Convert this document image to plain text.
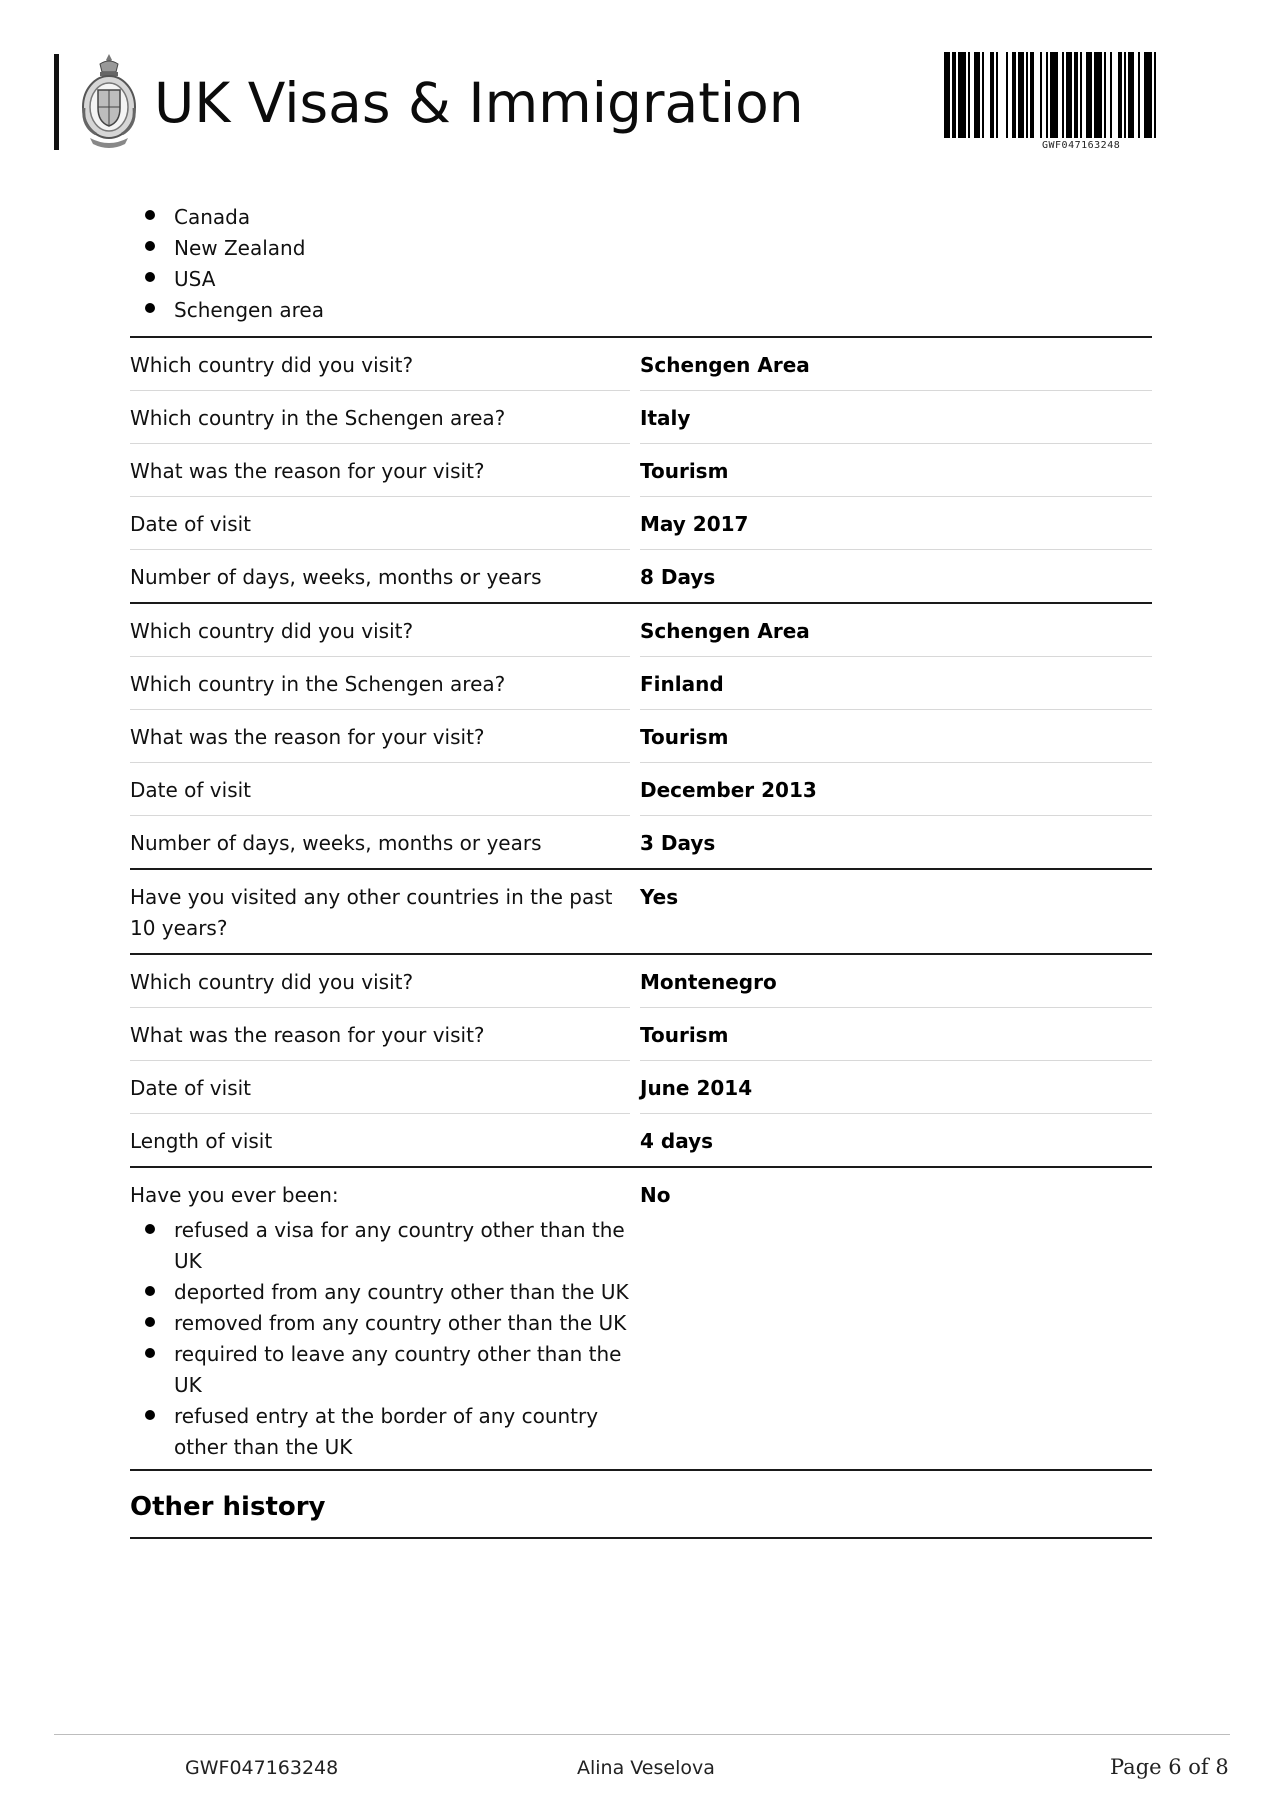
UK Visas & Immigration
GWF047163248
Canada
New Zealand
USA
Schengen area
Which country did you visit?	Schengen Area
Which country in the Schengen area?	Italy
What was the reason for your visit?	Tourism
Date of visit	May 2017
Number of days, weeks, months or years	8 Days
Which country did you visit?	Schengen Area
Which country in the Schengen area?	Finland
What was the reason for your visit?	Tourism
Date of visit	December 2013
Number of days, weeks, months or years	3 Days
Have you visited any other countries in the past 10 years?
Yes
Which country did you visit?	Montenegro
What was the reason for your visit?	Tourism
Date of visit	June 2014
Length of visit	4 days
Have you ever been:
refused a visa for any country other than the UK
deported from any country other than the UK
removed from any country other than the UK
required to leave any country other than the UK
refused entry at the border of any country other than the UK
No
Other history
GWF047163248	Alina Veselova	Page 6 of 8
